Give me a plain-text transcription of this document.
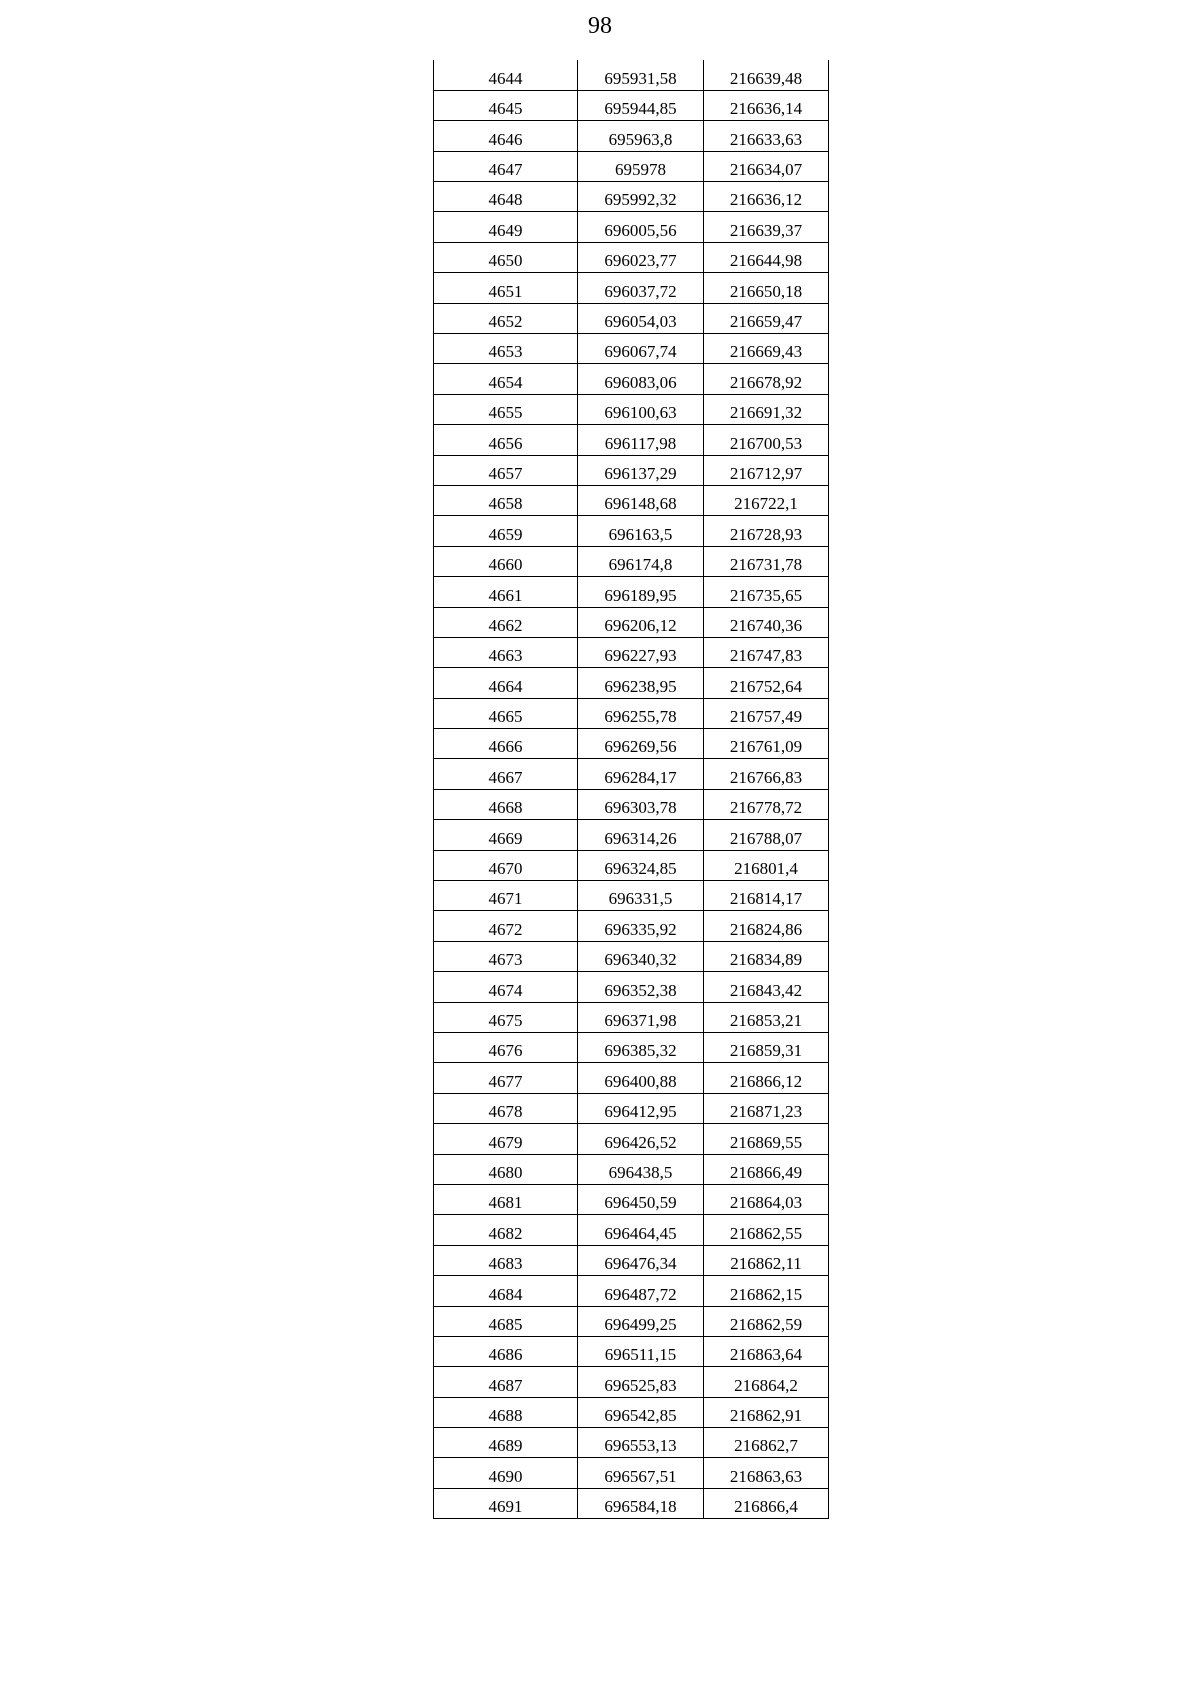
98
4644	695931,58	216639,48
4645	695944,85	216636,14
4646	695963,8	216633,63
4647	695978	216634,07
4648	695992,32	216636,12
4649	696005,56	216639,37
4650	696023,77	216644,98
4651	696037,72	216650,18
4652	696054,03	216659,47
4653	696067,74	216669,43
4654	696083,06	216678,92
4655	696100,63	216691,32
4656	696117,98	216700,53
4657	696137,29	216712,97
4658	696148,68	216722,1
4659	696163,5	216728,93
4660	696174,8	216731,78
4661	696189,95	216735,65
4662	696206,12	216740,36
4663	696227,93	216747,83
4664	696238,95	216752,64
4665	696255,78	216757,49
4666	696269,56	216761,09
4667	696284,17	216766,83
4668	696303,78	216778,72
4669	696314,26	216788,07
4670	696324,85	216801,4
4671	696331,5	216814,17
4672	696335,92	216824,86
4673	696340,32	216834,89
4674	696352,38	216843,42
4675	696371,98	216853,21
4676	696385,32	216859,31
4677	696400,88	216866,12
4678	696412,95	216871,23
4679	696426,52	216869,55
4680	696438,5	216866,49
4681	696450,59	216864,03
4682	696464,45	216862,55
4683	696476,34	216862,11
4684	696487,72	216862,15
4685	696499,25	216862,59
4686	696511,15	216863,64
4687	696525,83	216864,2
4688	696542,85	216862,91
4689	696553,13	216862,7
4690	696567,51	216863,63
4691	696584,18	216866,4
